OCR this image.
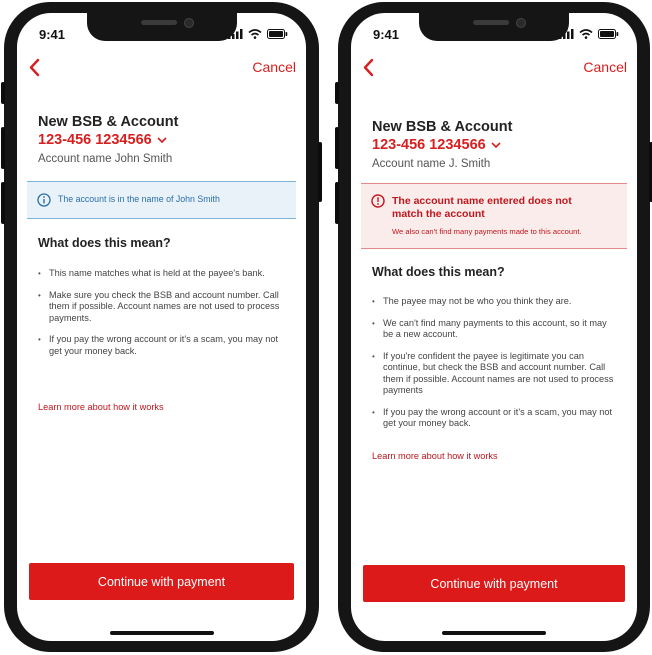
9:41
Cancel
New BSB & Account
123-456 1234566
Account name John Smith
The account is in the name of John Smith
What does this mean?
• This name matches what is held at the payee's bank.
• Make sure you check the BSB and account number. Call them if possible. Account names are not used to process payments.
• If you pay the wrong account or it's a scam, you may not get your money back.
Learn more about how it works
Continue with payment
9:41
Cancel
New BSB & Account
123-456 1234566
Account name J. Smith
The account name entered does not match the account
We also can't find many payments made to this account.
What does this mean?
• The payee may not be who you think they are.
• We can't find many payments to this account, so it may be a new account.
• If you're confident the payee is legitimate you can continue, but check the BSB and account number. Call them if possible. Account names are not used to process payments
• If you pay the wrong account or it's a scam, you may not get your money back.
Learn more about how it works
Continue with payment
